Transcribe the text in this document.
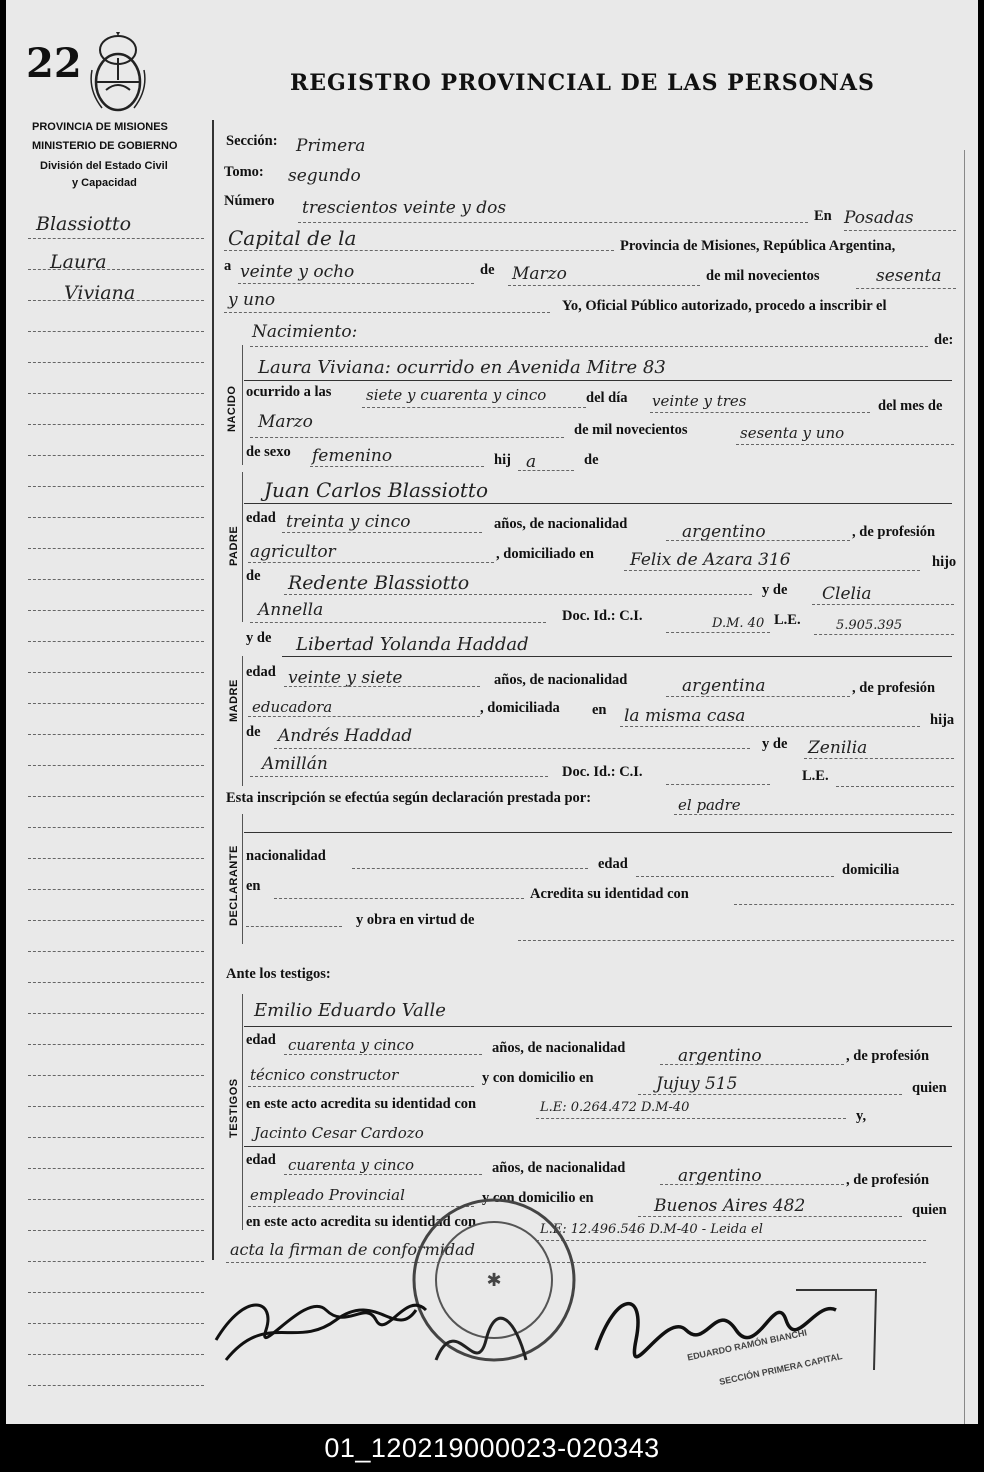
22	REGISTRO PROVINCIAL DE LAS PERSONAS
PROVINCIA DE MISIONES
MINISTERIO DE GOBIERNO
División del Estado Civil
y Capacidad
Blassiotto
Laura
Viviana
Sección: Primera
Tomo: segundo
Número trescientos veinte y dos	En Posadas
Capital de la	Provincia de Misiones, República Argentina,
a veinte y ocho	de Marzo	de mil novecientos	sesenta
y uno	Yo, Oficial Público autorizado, procedo a inscribir el
Nacimiento:	de:
NACIDO
Laura Viviana: ocurrido en Avenida Mitre 83
ocurrido a las siete y cuarenta y cinco	del día veinte y tres	del mes de
Marzo	de mil novecientos	sesenta y uno
de sexo femenino	hij a	de
PADRE
Juan Carlos Blassiotto
edad treinta y cinco	años, de nacionalidad	argentino	, de profesión
agricultor	, domiciliado en Felix de Azara 316	hijo
de Redente Blassiotto	y de Clelia
Annella	Doc. Id.: C.I.	D.M. 40 L.E.	5.905.395
MADRE
y de Libertad Yolanda Haddad
edad veinte y siete	años, de nacionalidad	argentina	, de profesión
educadora	, domiciliada en la misma casa	hija
de Andrés Haddad	y de Zenilia
Amillán	Doc. Id.: C.I.	L.E.
Esta inscripción se efectúa según declaración prestada por:	el padre
DECLARANTE nacionalidad	edad	domicilia
en	Acredita su identidad con
y obra en virtud de
Ante los testigos:
TESTIGOS
Emilio Eduardo Valle
edad cuarenta y cinco	años, de nacionalidad	argentino	, de profesión
técnico constructor	y con domicilio en	Jujuy 515	quien
en este acto acredita su identidad con	L.E: 0.264.472 D.M-40
y,
Jacinto Cesar Cardozo
edad cuarenta y cinco	años, de nacionalidad	argentino	, de profesión
empleado Provincial	y con domicilio en	Buenos Aires 482	quien
en este acto acredita su identidad con	L.E: 12.496.546 D.M-40 - Leida el
acta la firman de conformidad
✱
EDUARDO RAMÓN BIANCHI
SECCIÓN PRIMERA CAPITAL
01_120219000023-020343
